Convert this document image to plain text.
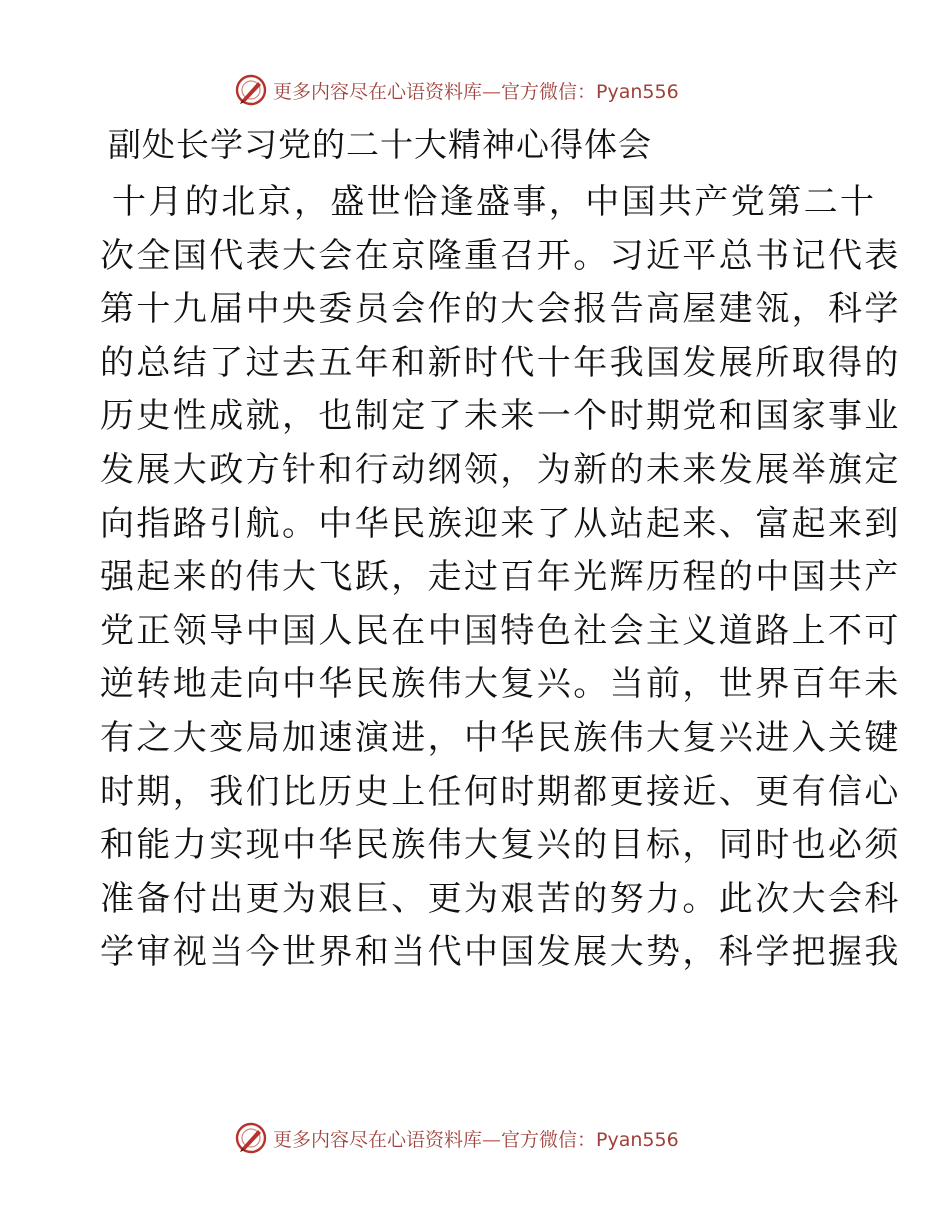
更多内容尽在心语资料库—官方微信：Pyan556
副处长学习党的二十大精神心得体会
十月的北京，盛世恰逢盛事，中国共产党第二十
次全国代表大会在京隆重召开。习近平总书记代表
第十九届中央委员会作的大会报告高屋建瓴，科学
的总结了过去五年和新时代十年我国发展所取得的
历史性成就，也制定了未来一个时期党和国家事业
发展大政方针和行动纲领，为新的未来发展举旗定
向指路引航。中华民族迎来了从站起来、富起来到
强起来的伟大飞跃，走过百年光辉历程的中国共产
党正领导中国人民在中国特色社会主义道路上不可
逆转地走向中华民族伟大复兴。当前，世界百年未
有之大变局加速演进，中华民族伟大复兴进入关键
时期，我们比历史上任何时期都更接近、更有信心
和能力实现中华民族伟大复兴的目标，同时也必须
准备付出更为艰巨、更为艰苦的努力。此次大会科
学审视当今世界和当代中国发展大势，科学把握我
更多内容尽在心语资料库—官方微信：Pyan556
